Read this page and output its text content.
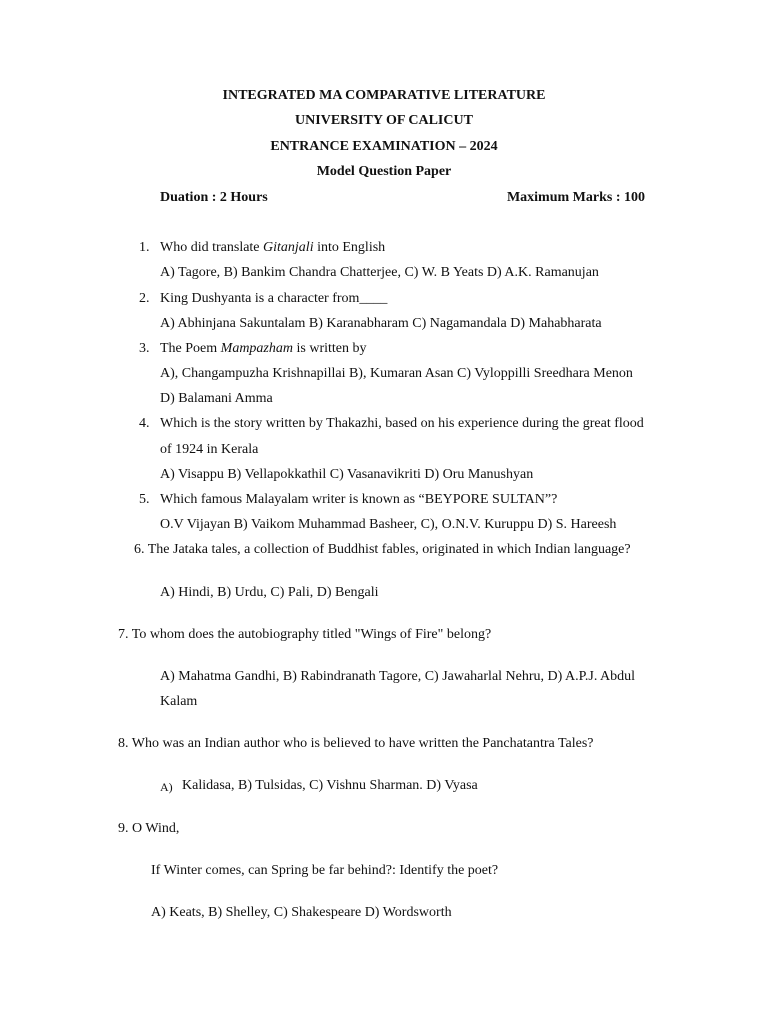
INTEGRATED MA COMPARATIVE LITERATURE
UNIVERSITY OF CALICUT
ENTRANCE EXAMINATION – 2024
Model Question Paper
Duation : 2 Hours	Maximum Marks : 100
1. Who did translate Gitanjali into English
A) Tagore, B) Bankim Chandra Chatterjee, C) W. B Yeats D) A.K. Ramanujan
2. King Dushyanta is a character from____
A) Abhinjana Sakuntalam B) Karanabharam C) Nagamandala D) Mahabharata
3. The Poem Mampazham is written by
A), Changampuzha Krishnapillai B), Kumaran Asan C) Vyloppilli Sreedhara Menon
D) Balamani Amma
4. Which is the story written by Thakazhi, based on his experience during the great flood
of 1924 in Kerala
A) Visappu B) Vellapokkathil C) Vasanavikriti D) Oru Manushyan
5. Which famous Malayalam writer is known as “BEYPORE SULTAN”?
O.V Vijayan B) Vaikom Muhammad Basheer, C), O.N.V. Kuruppu D) S. Hareesh
6. The Jataka tales, a collection of Buddhist fables, originated in which Indian language?
A) Hindi, B) Urdu, C) Pali, D) Bengali
7. To whom does the autobiography titled "Wings of Fire" belong?
A) Mahatma Gandhi, B) Rabindranath Tagore, C) Jawaharlal Nehru, D) A.P.J. Abdul
Kalam
8. Who was an Indian author who is believed to have written the Panchatantra Tales?
A) Kalidasa, B) Tulsidas, C) Vishnu Sharman. D) Vyasa
9. O Wind,
If Winter comes, can Spring be far behind?: Identify the poet?
A) Keats, B) Shelley, C) Shakespeare D) Wordsworth
